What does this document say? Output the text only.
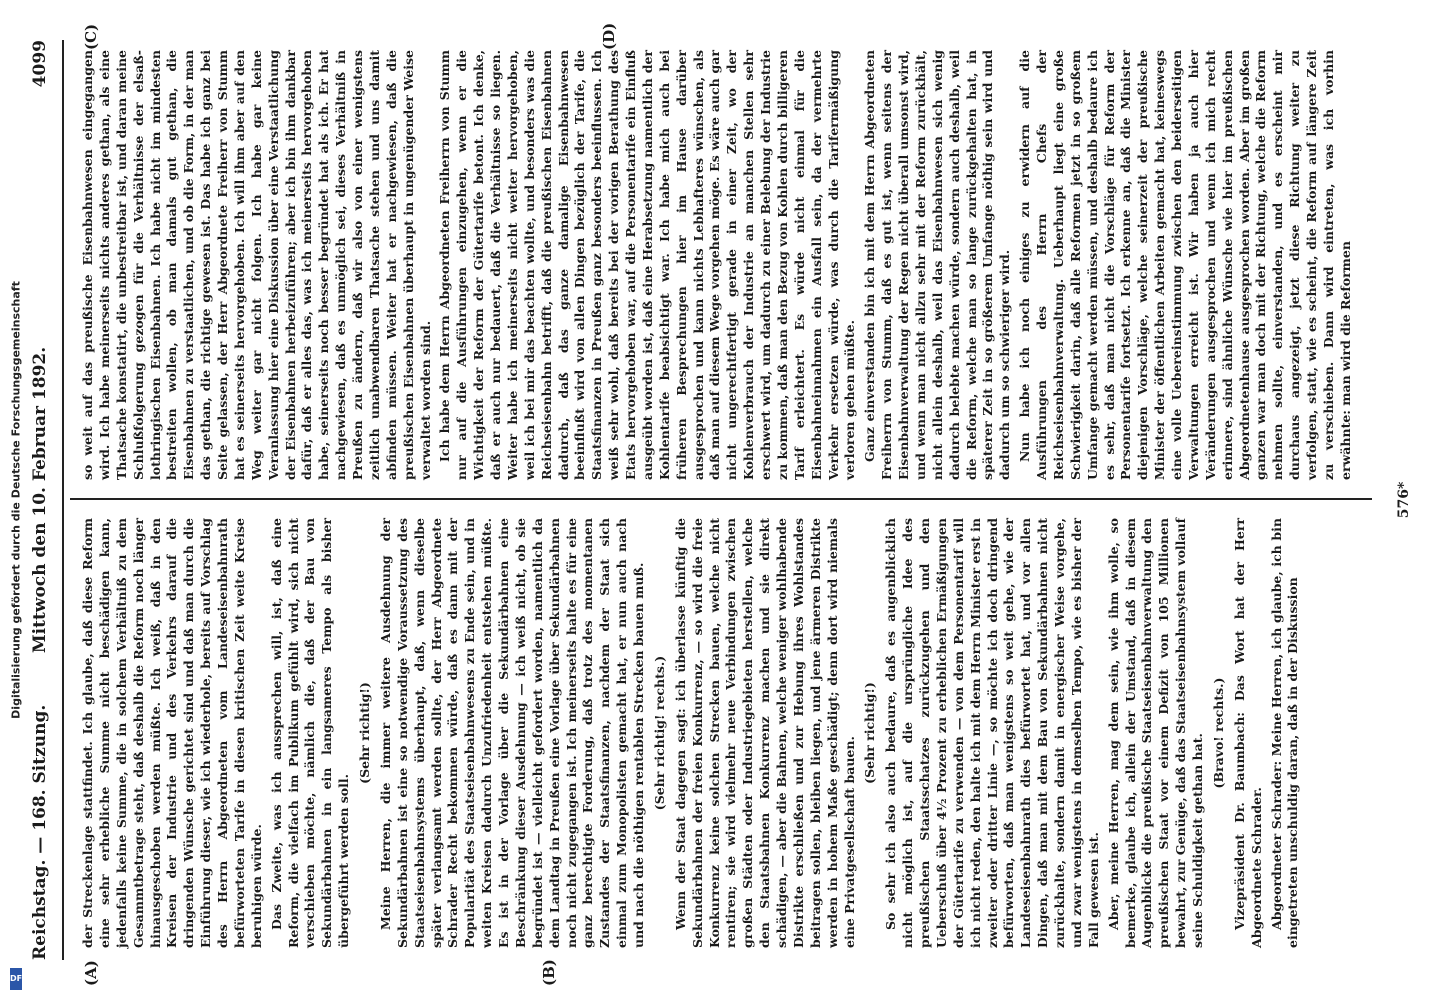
Reichstag. — 168. Sitzung.
Mittwoch den 10. Februar 1892.
4099
(A)	(B)
(C)	(D)

der Streckenlage stattfindet. Ich glaube, daß diese Reform eine sehr erhebliche Summe nicht beschädigen kann, jedenfalls keine Summe, die in solchem Verhältniß zu dem Gesammtbetrage steht, daß deshalb die Reform noch länger hinausgeschoben werden müßte. Ich weiß, daß in den Kreisen der Industrie und des Verkehrs darauf die dringenden Wünsche gerichtet sind und daß man durch die Einführung dieser, wie ich wiederhole, bereits auf Vorschlag des Herrn Abgeordneten vom Landeseisenbahnrath befürworteten Tarife in diesen kritischen Zeit weite Kreise beruhigen würde. Das Zweite, was ich aussprechen will, ist, daß eine Reform, die vielfach im Publikum gefühlt wird, sich nicht verschieben möchte, nämlich die, daß der Bau von Sekundärbahnen in ein langsameres Tempo als bisher übergeführt werden soll.

(Sehr richtig!) Meine Herren, die immer weitere Ausdehnung der Sekundärbahnen ist eine so notwendige Voraussetzung des Staatseisenbahnsystems überhaupt, daß, wenn dieselbe später verlangsamt werden sollte, der Herr Abgeordnete Schrader Recht bekommen würde, daß es dann mit der Popularität des Staatseisenbahnwesens zu Ende sein, und in weiten Kreisen dadurch Unzufriedenheit entstehen müßte. Es ist in der Vorlage über die Sekundärbahnen eine Beschränkung dieser Ausdehnung — ich weiß nicht, ob sie begründet ist — vielleicht gefordert worden, namentlich da dem Landtag in Preußen eine Vorlage über Sekundärbahnen noch nicht zugegangen ist. Ich meinerseits halte es für eine ganz berechtigte Forderung, daß trotz des momentanen Zustandes der Staatsfinanzen, nachdem der Staat sich einmal zum Monopolisten gemacht hat, er nun auch nach und nach die nöthigen rentablen Strecken bauen muß. (Sehr richtig! rechts.) Wenn der Staat dagegen sagt: ich überlasse künftig die Sekundärbahnen der freien Konkurrenz, — so wird die freie Konkurrenz keine solchen Strecken bauen, welche nicht rentiren; sie wird vielmehr neue Verbindungen zwischen großen Städten oder Industriegebieten herstellen, welche den Staatsbahnen Konkurrenz machen und sie direkt schädigen, — aber die Bahnen, welche weniger wohlhabende Distrikte erschließen und zur Hebung ihres Wohlstandes beitragen sollen, bleiben liegen, und jene ärmeren Distrikte werden in hohem Maße geschädigt; denn dort wird niemals eine Privatgesellschaft bauen.

(Sehr richtig!) So sehr ich also auch bedaure, daß es augenblicklich nicht möglich ist, auf die ursprüngliche Idee des preußischen Staatsschatzes zurückzugehen und den Ueberschuß über 4½ Prozent zu erheblichen Ermäßigungen der Gütertarife zu verwenden — von dem Personentarif will ich nicht reden, den halte ich mit dem Herrn Minister erst in zweiter oder dritter Linie —, so möchte ich doch dringend befürworten, daß man wenigstens so weit gehe, wie der Landeseisenbahnrath dies befürwortet hat, und vor allen Dingen, daß man mit dem Bau von Sekundärbahnen nicht zurückhalte, sondern damit in energischer Weise vorgehe, und zwar wenigstens in demselben Tempo, wie es bisher der Fall gewesen ist. Aber, meine Herren, mag dem sein, wie ihm wolle, so bemerke, glaube ich, allein der Umstand, daß in diesem Augenblicke die preußische Staatseisenbahnverwaltung den preußischen Staat vor einem Defizit von 105 Millionen bewahrt, zur Genüge, daß das Staatseisenbahnsystem vollauf seine Schuldigkeit gethan hat.

(Bravo! rechts.) Vizepräsident Dr. Baumbach: Das Wort hat der Herr Abgeordnete Schrader. Abgeordneter Schrader: Meine Herren, ich glaube, ich bin eingetreten unschuldig daran, daß in der Diskussion

so weit auf das preußische Eisenbahnwesen eingegangen wird. Ich habe meinerseits nichts anderes gethan, als eine Thatsache konstatirt, die unbestreitbar ist, und daran meine Schlußfolgerung gezogen für die Verhältnisse der elsaß-lothringischen Eisenbahnen. Ich habe nicht im mindesten bestreiten wollen, ob man damals gut gethan, die Eisenbahnen zu verstaatlichen, und ob die Form, in der man das gethan, die richtige gewesen ist. Das habe ich ganz bei Seite gelassen, der Herr Abgeordnete Freiherr von Stumm hat es seinerseits hervorgehoben. Ich will ihm aber auf den Weg weiter gar nicht folgen. Ich habe gar keine Veranlassung hier eine Diskussion über eine Verstaatlichung der Eisenbahnen herbeizuführen; aber ich bin ihm dankbar dafür, daß er alles das, was ich meinerseits hervorgehoben habe, seinerseits noch besser begründet hat als ich. Er hat nachgewiesen, daß es unmöglich sei, dieses Verhältniß in Preußen zu ändern, daß wir also von einer wenigstens zeitlich unabwendbaren Thatsache stehen und uns damit abfinden müssen. Weiter hat er nachgewiesen, daß die preußischen Eisenbahnen überhaupt in ungenügender Weise verwaltet worden sind. Ich habe dem Herrn Abgeordneten Freiherrn von Stumm nur auf die Ausführungen einzugehen, wenn er die Wichtigkeit der Reform der Gütertarife betont. Ich denke, daß er auch nur bedauert, daß die Verhältnisse so liegen. Weiter habe ich meinerseits nicht weiter hervorgehoben, weil ich bei mir das beachten wollte, und besonders was die Reichseisenbahn betrifft, daß die preußischen Eisenbahnen dadurch, daß das ganze damalige Eisenbahnwesen beeinflußt wird von allen Dingen bezüglich der Tarife, die Staatsfinanzen in Preußen ganz besonders beeinflussen. Ich weiß sehr wohl, daß bereits bei der vorigen Berathung des Etats hervorgehoben war, auf die Personentarife ein Einfluß ausgeübt worden ist, daß eine Herabsetzung namentlich der Kohlentarife beabsichtigt war. Ich habe mich auch bei früheren Besprechungen hier im Hause darüber ausgesprochen und kann nichts Lebhafteres wünschen, als daß man auf diesem Wege vorgehen möge. Es wäre auch gar nicht ungerechtfertigt gerade in einer Zeit, wo der Kohlenverbrauch der Industrie an manchen Stellen sehr erschwert wird, um dadurch zu einer Belebung der Industrie zu kommen, daß man den Bezug von Kohlen durch billigeren Tarif erleichtert. Es würde nicht einmal für die Eisenbahneinnahmen ein Ausfall sein, da der vermehrte Verkehr ersetzen würde, was durch die Tarifermäßigung verloren gehen müßte. Ganz einverstanden bin ich mit dem Herrn Abgeordneten Freiherrn von Stumm, daß es gut ist, wenn seitens der Eisenbahnverwaltung der Regen nicht überall umsonst wird, und wenn man nicht allzu sehr mit der Reform zurückhält, nicht allein deshalb, weil das Eisenbahnwesen sich wenig dadurch belebte machen würde, sondern auch deshalb, weil die Reform, welche man so lange zurückgehalten hat, in späterer Zeit in so größerem Umfange nöthig sein wird und dadurch um so schwieriger wird. Nun habe ich noch einiges zu erwidern auf die Ausführungen des Herrn Chefs der Reichseisenbahnverwaltung. Ueberhaupt liegt eine große Schwierigkeit darin, daß alle Reformen jetzt in so großem Umfange gemacht werden müssen, und deshalb bedaure ich es sehr, daß man nicht die Vorschläge für Reform der Personentarife fortsetzt. Ich erkenne an, daß die Minister diejenigen Vorschläge, welche seinerzeit der preußische Minister der öffentlichen Arbeiten gemacht hat, keineswegs eine volle Uebereinstimmung zwischen den beiderseitigen Verwaltungen erreicht ist. Wir haben ja auch hier Veränderungen ausgesprochen und wenn ich mich recht erinnere, sind ähnliche Wünsche wie hier im preußischen Abgeordnetenhause ausgesprochen worden. Aber im großen ganzen war man doch mit der Richtung, welche die Reform nehmen sollte, einverstanden, und es erscheint mir durchaus angezeigt, jetzt diese Richtung weiter zu verfolgen, statt, wie es scheint, die Reform auf längere Zeit zu verschieben. Dann wird eintreten, was ich vorhin erwähnte: man wird die Reformen

576*
Digitalisierung gefördert durch die Deutsche Forschungsgemeinschaft
DFG
